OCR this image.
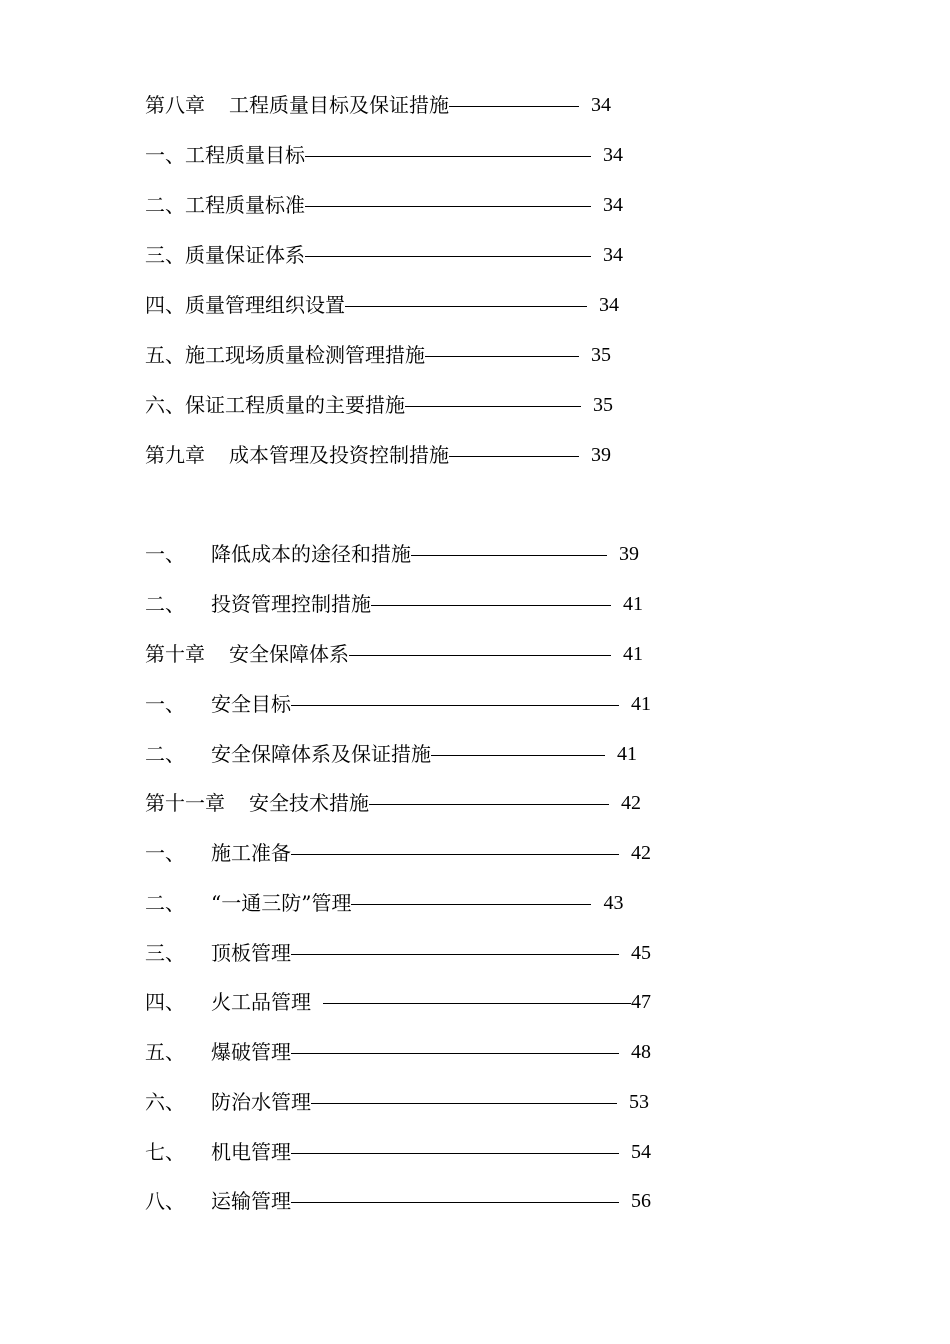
第八章 工程质量目标及保证措施	34
一、 工程质量目标	34
二、 工程质量标准	34
三、 质量保证体系	34
四、 质量管理组织设置	34
五、 施工现场质量检测管理措施	35
六、 保证工程质量的主要措施	35
第九章 成本管理及投资控制措施	39
一、	降低成本的途径和措施	39
二、	投资管理控制措施	41
第十章 安全保障体系	41
一、	安全目标	41
二、	安全保障体系及保证措施	41
第十一章 安全技术措施	42
一、	施工准备	42
二、	“一通三防”管理	43
三、	顶板管理	45
四、	火工品管理	47
五、	爆破管理	48
六、	防治水管理	53
七、	机电管理	54
八、	运输管理	56
